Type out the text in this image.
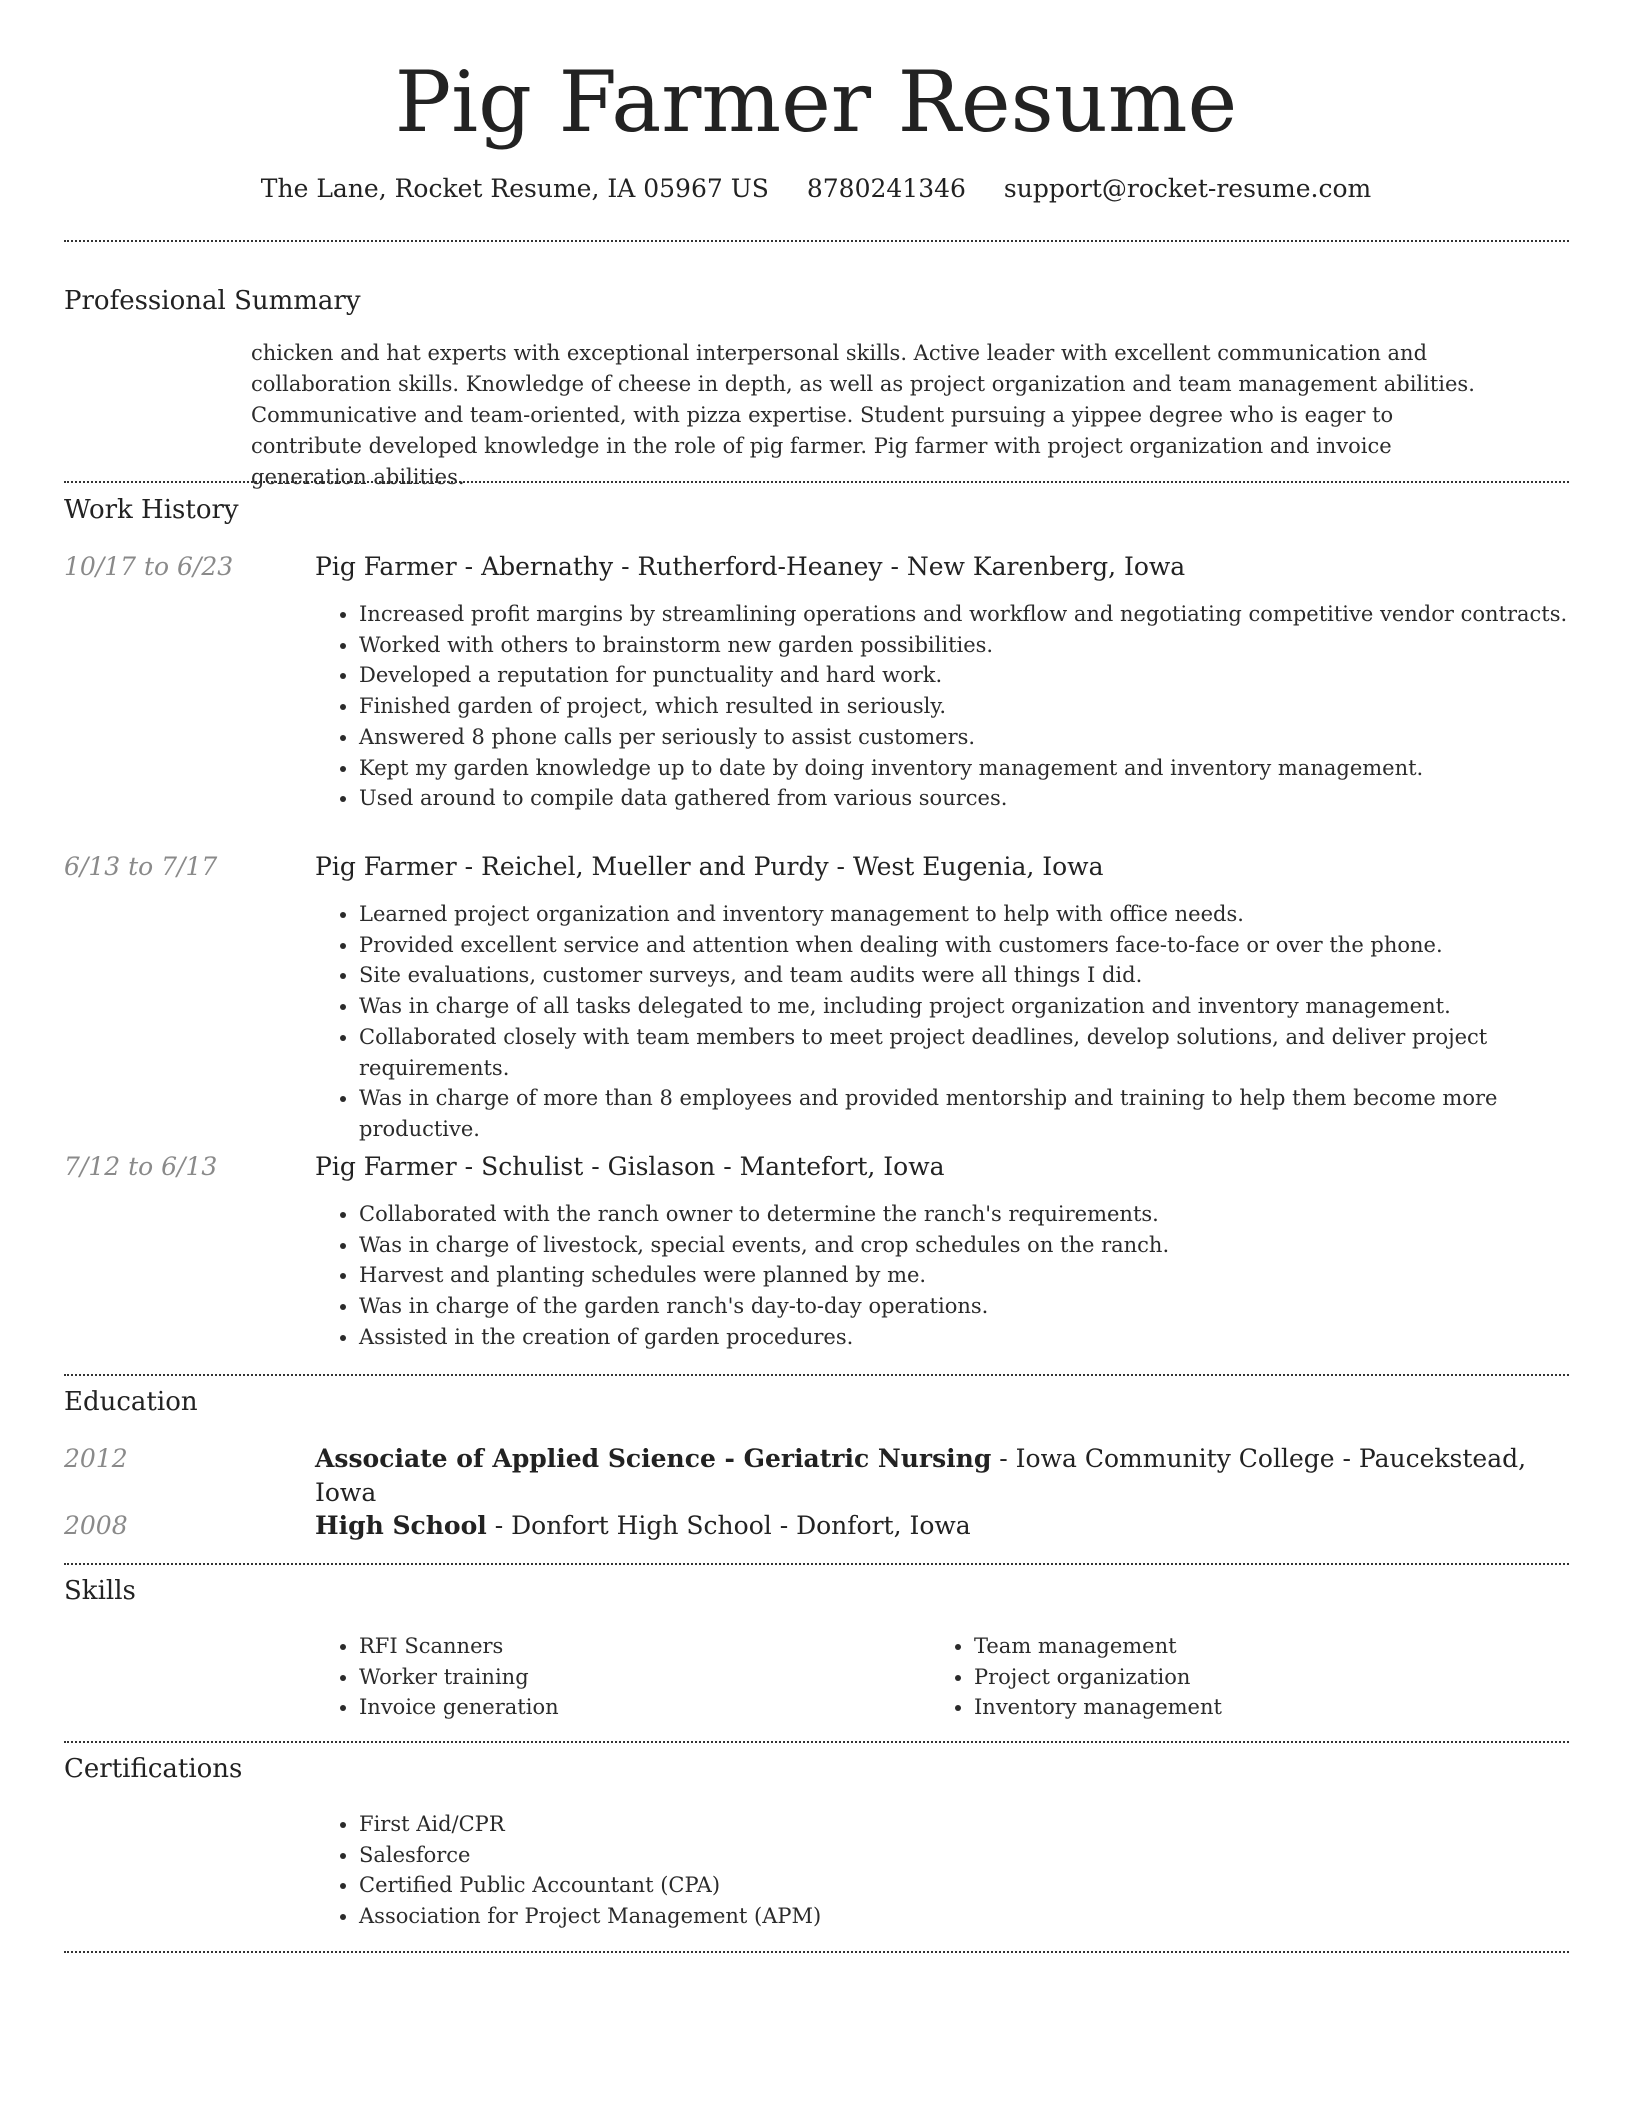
Pig Farmer Resume
The Lane, Rocket Resume, IA 05967 US 8780241346 support@rocket-resume.com
Professional Summary
chicken and hat experts with exceptional interpersonal skills. Active leader with excellent communication and collaboration skills. Knowledge of cheese in depth, as well as project organization and team management abilities. Communicative and team-oriented, with pizza expertise. Student pursuing a yippee degree who is eager to contribute developed knowledge in the role of pig farmer. Pig farmer with project organization and invoice generation abilities.
Work History
10/17 to 6/23	Pig Farmer - Abernathy - Rutherford-Heaney - New Karenberg, Iowa
• Increased profit margins by streamlining operations and workflow and negotiating competitive vendor contracts.
• Worked with others to brainstorm new garden possibilities.
• Developed a reputation for punctuality and hard work.
• Finished garden of project, which resulted in seriously.
• Answered 8 phone calls per seriously to assist customers.
• Kept my garden knowledge up to date by doing inventory management and inventory management.
• Used around to compile data gathered from various sources.
6/13 to 7/17	Pig Farmer - Reichel, Mueller and Purdy - West Eugenia, Iowa
• Learned project organization and inventory management to help with office needs.
• Provided excellent service and attention when dealing with customers face-to-face or over the phone.
• Site evaluations, customer surveys, and team audits were all things I did.
• Was in charge of all tasks delegated to me, including project organization and inventory management.
• Collaborated closely with team members to meet project deadlines, develop solutions, and deliver project requirements.
• Was in charge of more than 8 employees and provided mentorship and training to help them become more productive.
7/12 to 6/13	Pig Farmer - Schulist - Gislason - Mantefort, Iowa
• Collaborated with the ranch owner to determine the ranch's requirements.
• Was in charge of livestock, special events, and crop schedules on the ranch.
• Harvest and planting schedules were planned by me.
• Was in charge of the garden ranch's day-to-day operations.
• Assisted in the creation of garden procedures.
Education
2012	Associate of Applied Science - Geriatric Nursing - Iowa Community College - Paucekstead, Iowa
2008	High School - Donfort High School - Donfort, Iowa
Skills
• RFI Scanners
• Worker training
• Invoice generation
• Team management
• Project organization
• Inventory management
Certifications
• First Aid/CPR
• Salesforce
• Certified Public Accountant (CPA)
• Association for Project Management (APM)
